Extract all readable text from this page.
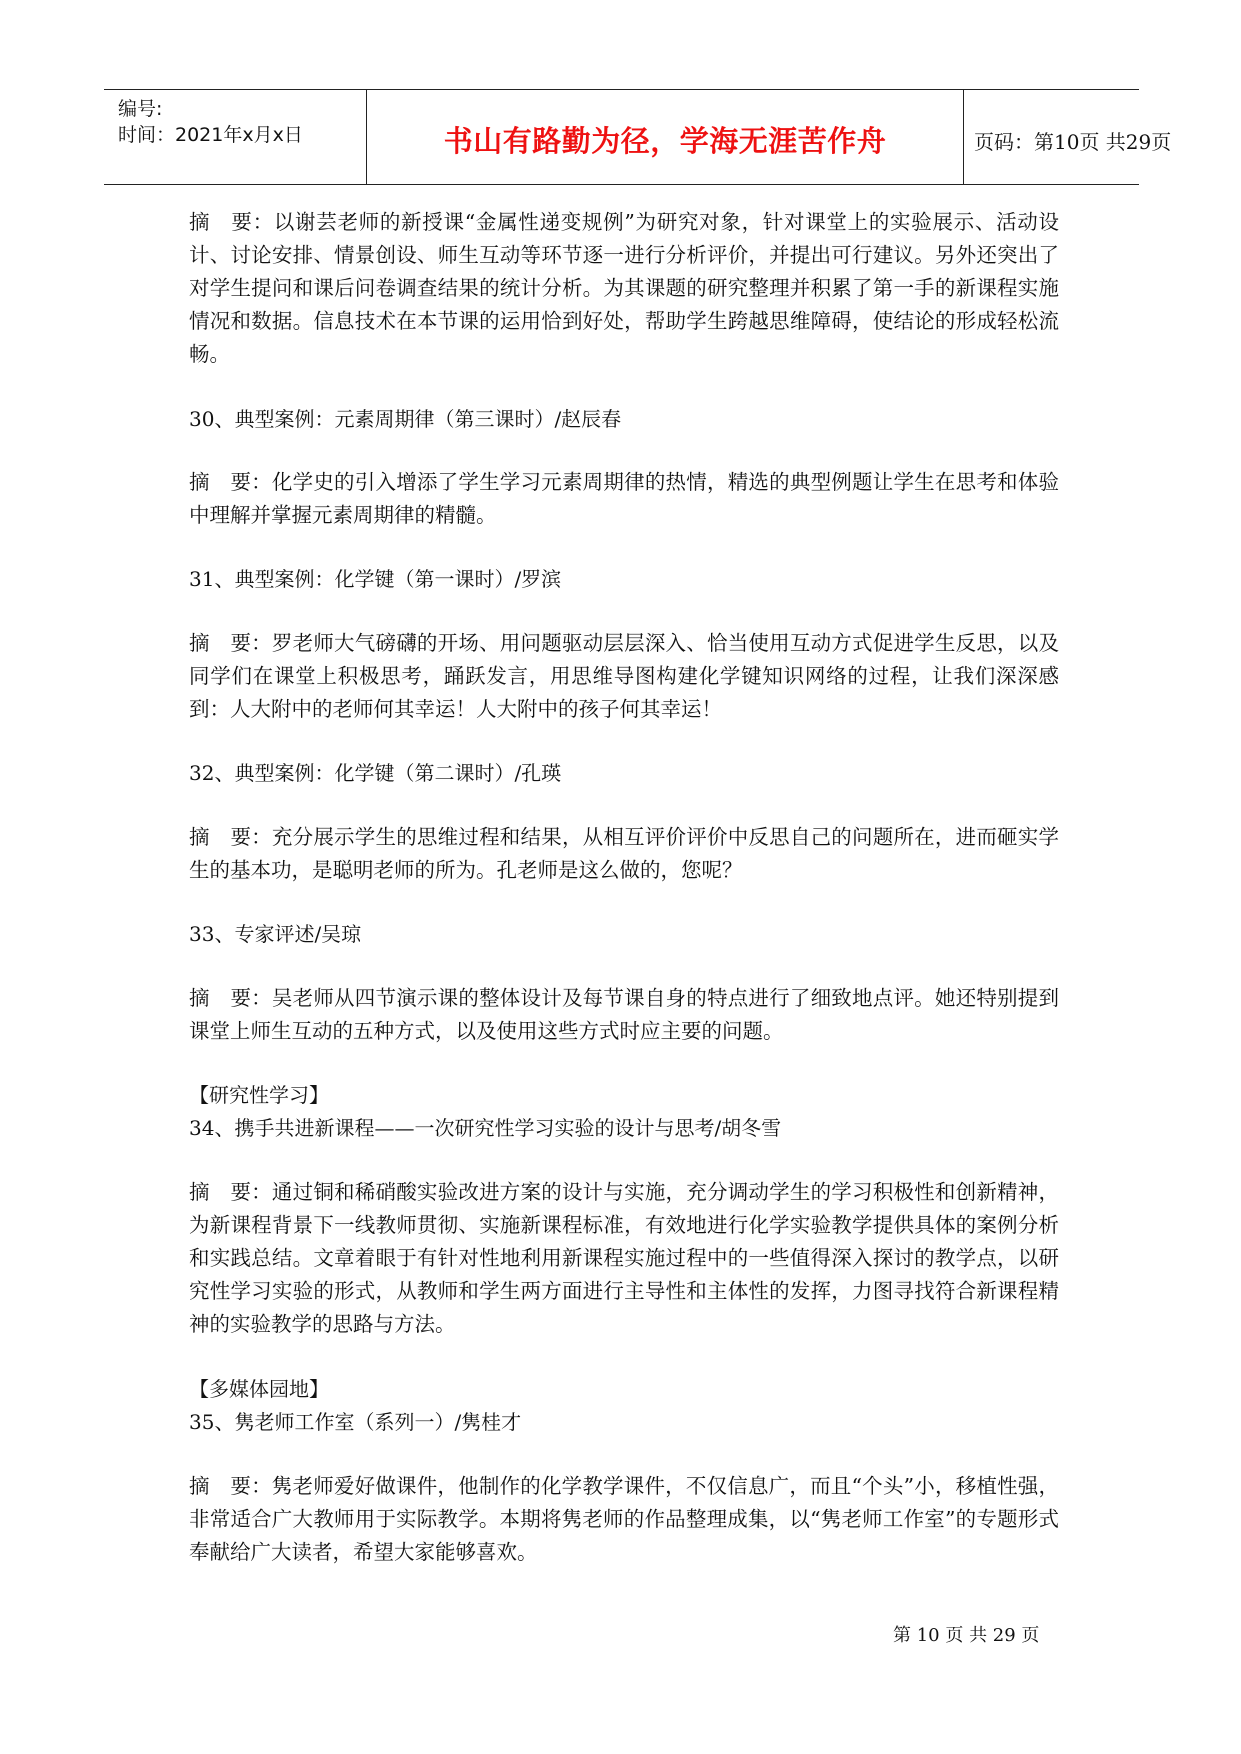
编号:
时间：2021年x月x日	书山有路勤为径，学海无涯苦作舟	页码：第10页 共29页
摘　要：以谢芸老师的新授课“金属性递变规例”为研究对象，针对课堂上的实验展示、活动设计、讨论安排、情景创设、师生互动等环节逐一进行分析评价，并提出可行建议。另外还突出了对学生提问和课后问卷调查结果的统计分析。为其课题的研究整理并积累了第一手的新课程实施情况和数据。信息技术在本节课的运用恰到好处，帮助学生跨越思维障碍，使结论的形成轻松流畅。
30、典型案例：元素周期律（第三课时）/赵辰春
摘　要：化学史的引入增添了学生学习元素周期律的热情，精选的典型例题让学生在思考和体验中理解并掌握元素周期律的精髓。
31、典型案例：化学键（第一课时）/罗滨
摘　要：罗老师大气磅礴的开场、用问题驱动层层深入、恰当使用互动方式促进学生反思，以及同学们在课堂上积极思考，踊跃发言，用思维导图构建化学键知识网络的过程，让我们深深感到：人大附中的老师何其幸运！人大附中的孩子何其幸运！
32、典型案例：化学键（第二课时）/孔瑛
摘　要：充分展示学生的思维过程和结果，从相互评价评价中反思自己的问题所在，进而砸实学生的基本功，是聪明老师的所为。孔老师是这么做的，您呢？
33、专家评述/吴琼
摘　要：吴老师从四节演示课的整体设计及每节课自身的特点进行了细致地点评。她还特别提到课堂上师生互动的五种方式，以及使用这些方式时应主要的问题。
【研究性学习】
34、携手共进新课程——一次研究性学习实验的设计与思考/胡冬雪
摘　要：通过铜和稀硝酸实验改进方案的设计与实施，充分调动学生的学习积极性和创新精神，为新课程背景下一线教师贯彻、实施新课程标准，有效地进行化学实验教学提供具体的案例分析和实践总结。文章着眼于有针对性地利用新课程实施过程中的一些值得深入探讨的教学点，以研究性学习实验的形式，从教师和学生两方面进行主导性和主体性的发挥，力图寻找符合新课程精神的实验教学的思路与方法。
【多媒体园地】
35、隽老师工作室（系列一）/隽桂才
摘　要：隽老师爱好做课件，他制作的化学教学课件，不仅信息广，而且“个头”小，移植性强，非常适合广大教师用于实际教学。本期将隽老师的作品整理成集，以“隽老师工作室”的专题形式奉献给广大读者，希望大家能够喜欢。
第 10 页 共 29 页
